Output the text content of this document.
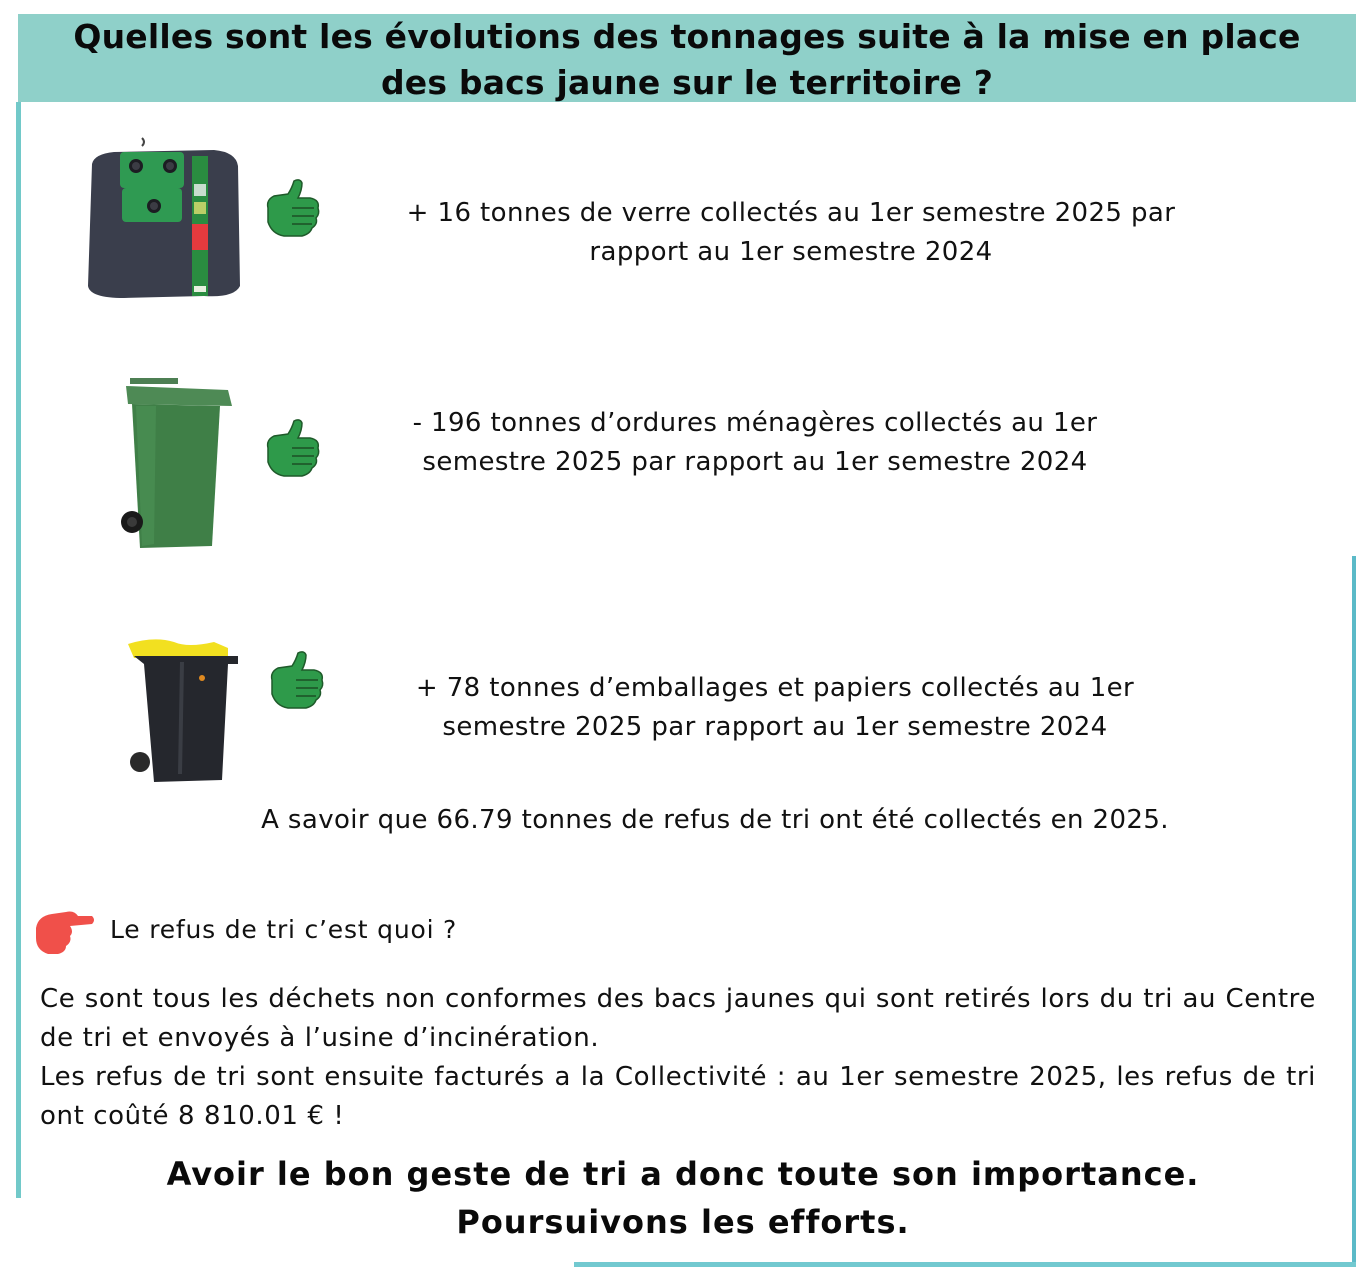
Quelles sont les évolutions des tonnages suite à la mise en place
des bacs jaune sur le territoire ?
+ 16 tonnes de verre collectés au 1er semestre 2025 par
rapport au 1er semestre 2024
- 196 tonnes d’ordures ménagères collectés au 1er
semestre 2025 par rapport au 1er semestre 2024
+ 78 tonnes d’emballages et papiers collectés au 1er
semestre 2025 par rapport au 1er semestre 2024
A savoir que 66.79 tonnes de refus de tri ont été collectés en 2025.
Le refus de tri c’est quoi ?

Ce sont tous les déchets non conformes des bacs jaunes qui sont retirés lors du tri au Centre de tri et envoyés à l’usine d’incinération.

Les refus de tri sont ensuite facturés a la Collectivité : au 1er semestre 2025, les refus de tri ont coûté 8 810.01 € !

Avoir le bon geste de tri a donc toute son importance.
Poursuivons les efforts.
